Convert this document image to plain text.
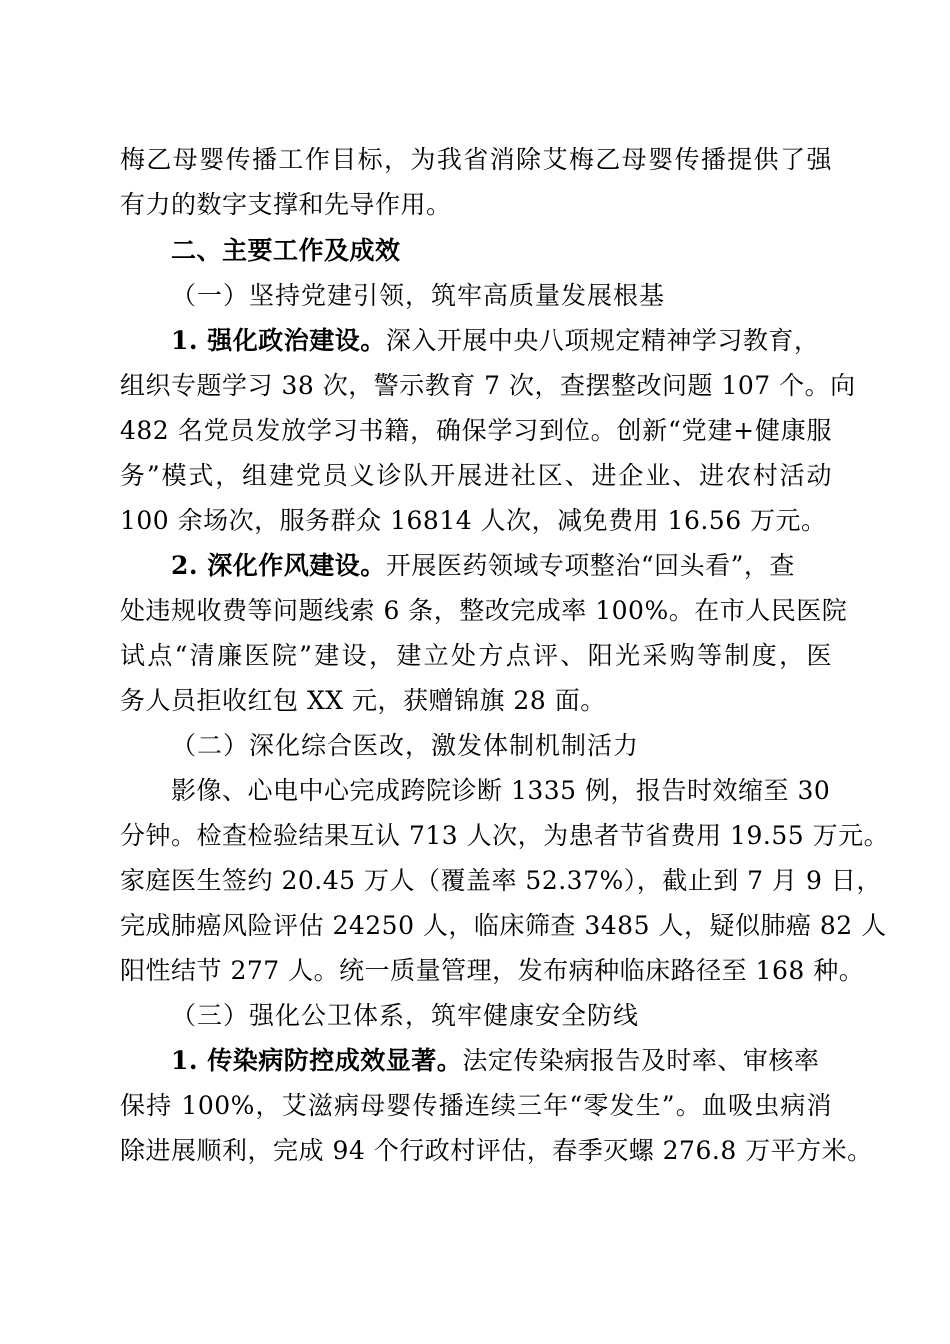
梅乙母婴传播工作目标，为我省消除艾梅乙母婴传播提供了强
有力的数字支撑和先导作用。
二、主要工作及成效
（一）坚持党建引领，筑牢高质量发展根基
1. 强化政治建设。深入开展中央八项规定精神学习教育，
组织专题学习 38 次，警示教育 7 次，查摆整改问题 107 个。向
482 名党员发放学习书籍，确保学习到位。创新“党建+健康服
务”模式，组建党员义诊队开展进社区、进企业、进农村活动
100 余场次，服务群众 16814 人次，减免费用 16.56 万元。
2. 深化作风建设。开展医药领域专项整治“回头看”，查
处违规收费等问题线索 6 条，整改完成率 100%。在市人民医院
试点“清廉医院”建设，建立处方点评、阳光采购等制度，医
务人员拒收红包 XX 元，获赠锦旗 28 面。
（二）深化综合医改，激发体制机制活力
影像、心电中心完成跨院诊断 1335 例，报告时效缩至 30
分钟。检查检验结果互认 713 人次，为患者节省费用 19.55 万元。
家庭医生签约 20.45 万人（覆盖率 52.37%），截止到 7 月 9 日，
完成肺癌风险评估 24250 人，临床筛查 3485 人，疑似肺癌 82 人
阳性结节 277 人。统一质量管理，发布病种临床路径至 168 种。
（三）强化公卫体系，筑牢健康安全防线
1. 传染病防控成效显著。法定传染病报告及时率、审核率
保持 100%，艾滋病母婴传播连续三年“零发生”。血吸虫病消
除进展顺利，完成 94 个行政村评估，春季灭螺 276.8 万平方米。
